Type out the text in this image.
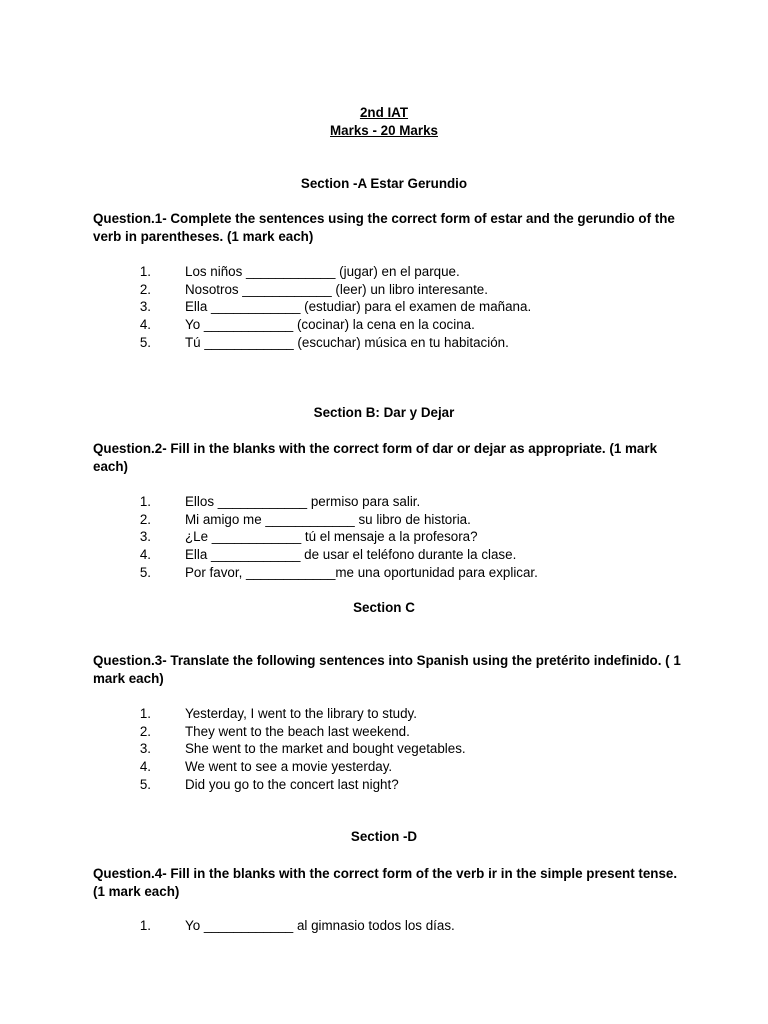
2nd IAT
Marks - 20 Marks
Section -A Estar Gerundio
Question.1- Complete the sentences using the correct form of estar and the gerundio of the verb in parentheses. (1 mark each)
1.	Los niños ____________ (jugar) en el parque.
2.	Nosotros ____________ (leer) un libro interesante.
3.	Ella ____________ (estudiar) para el examen de mañana.
4.	Yo ____________ (cocinar) la cena en la cocina.
5.	Tú ____________ (escuchar) música en tu habitación.
Section B: Dar y Dejar
Question.2- Fill in the blanks with the correct form of dar or dejar as appropriate. (1 mark each)
1.	Ellos ____________ permiso para salir.
2.	Mi amigo me ____________ su libro de historia.
3.	¿Le ____________ tú el mensaje a la profesora?
4.	Ella ____________ de usar el teléfono durante la clase.
5.	Por favor, ____________me una oportunidad para explicar.
Section C
Question.3- Translate the following sentences into Spanish using the pretérito indefinido. ( 1 mark each)
1.	Yesterday, I went to the library to study.
2.	They went to the beach last weekend.
3.	She went to the market and bought vegetables.
4.	We went to see a movie yesterday.
5.	Did you go to the concert last night?
Section -D
Question.4- Fill in the blanks with the correct form of the verb ir in the simple present tense. (1 mark each)
1.	Yo ____________ al gimnasio todos los días.
